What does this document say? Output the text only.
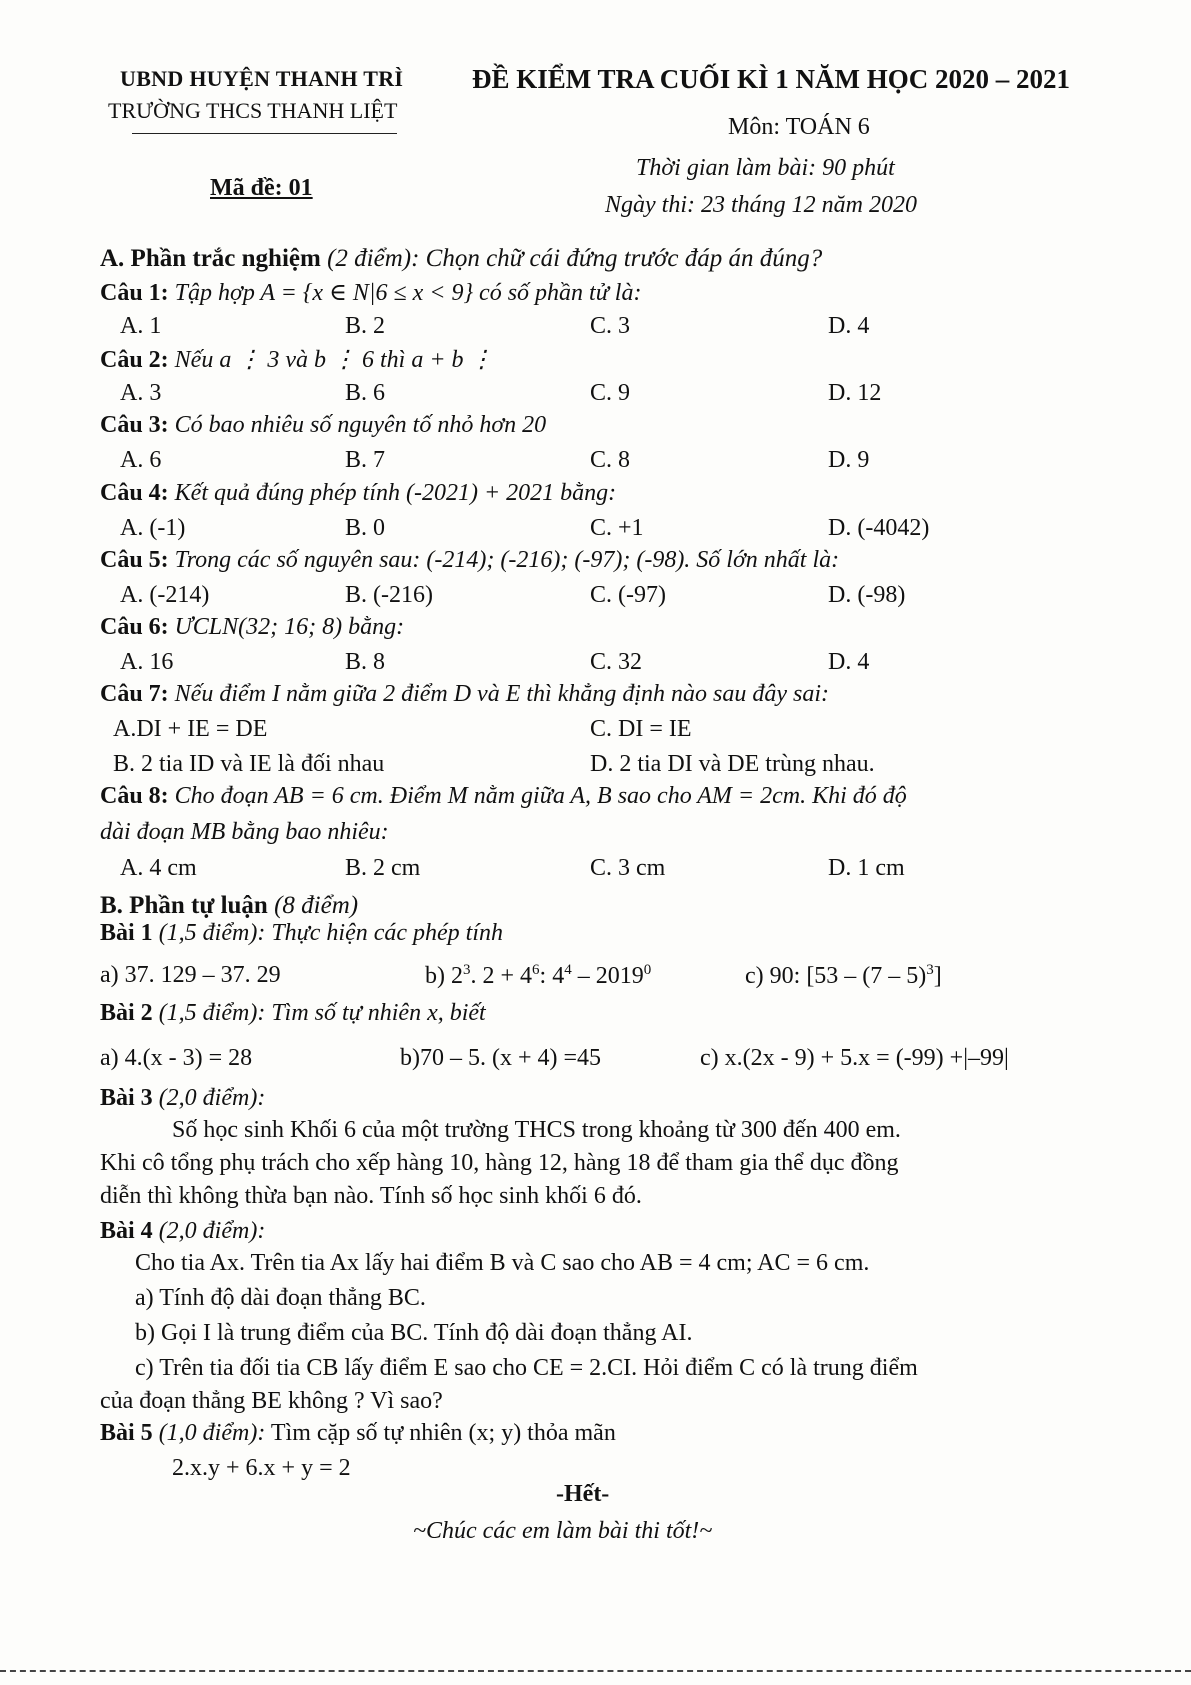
UBND HUYỆN THANH TRÌ
TRƯỜNG THCS THANH LIỆT
ĐỀ KIỂM TRA CUỐI KÌ 1 NĂM HỌC 2020 – 2021
Môn: TOÁN 6
Thời gian làm bài: 90 phút
Ngày thi: 23 tháng 12 năm 2020
Mã đề: 01
A. Phần trắc nghiệm (2 điểm): Chọn chữ cái đứng trước đáp án đúng?
Câu 1: Tập hợp A = {x ∈ N|6 ≤ x < 9} có số phần tử là:
A. 1	B. 2	C. 3	D. 4
Câu 2: Nếu a ⋮ 3 và b ⋮ 6 thì a + b ⋮
A. 3	B. 6	C. 9	D. 12
Câu 3: Có bao nhiêu số nguyên tố nhỏ hơn 20
A. 6	B. 7	C. 8	D. 9
Câu 4: Kết quả đúng phép tính (-2021) + 2021 bằng:
A. (-1)	B. 0	C. +1	D. (-4042)
Câu 5: Trong các số nguyên sau: (-214); (-216); (-97); (-98). Số lớn nhất là:
A. (-214)	B. (-216)	C. (-97)	D. (-98)
Câu 6: ƯCLN(32; 16; 8) bằng:
A. 16	B. 8	C. 32	D. 4
Câu 7: Nếu điểm I nằm giữa 2 điểm D và E thì khẳng định nào sau đây sai:
A.DI + IE = DE	C. DI = IE
B. 2 tia ID và IE là đối nhau	D. 2 tia DI và DE trùng nhau.
Câu 8: Cho đoạn AB = 6 cm. Điểm M nằm giữa A, B sao cho AM = 2cm. Khi đó độ
dài đoạn MB bằng bao nhiêu:
A. 4 cm	B. 2 cm	C. 3 cm	D. 1 cm
B. Phần tự luận (8 điểm)
Bài 1 (1,5 điểm): Thực hiện các phép tính
a) 37. 129 – 37. 29	b) $2^3$. $2 + 4^6$: $4^4 - 2019^0$	c) 90: [53 – (7 – 5)$^3$]
Bài 2 (1,5 điểm): Tìm số tự nhiên x, biết
a) 4.(x - 3) = 28	b)70 – 5. (x + 4) =45	c) x.(2x - 9) + 5.x = (-99) +|–99|
Bài 3 (2,0 điểm):
Số học sinh Khối 6 của một trường THCS trong khoảng từ 300 đến 400 em.
Khi cô tổng phụ trách cho xếp hàng 10, hàng 12, hàng 18 để tham gia thể dục đồng
diễn thì không thừa bạn nào. Tính số học sinh khối 6 đó.
Bài 4 (2,0 điểm):
Cho tia Ax. Trên tia Ax lấy hai điểm B và C sao cho AB = 4 cm; AC = 6 cm.
a) Tính độ dài đoạn thẳng BC.
b) Gọi I là trung điểm của BC. Tính độ dài đoạn thẳng AI.
c) Trên tia đối tia CB lấy điểm E sao cho CE = 2.CI. Hỏi điểm C có là trung điểm
của đoạn thẳng BE không ? Vì sao?
Bài 5 (1,0 điểm): Tìm cặp số tự nhiên (x; y) thỏa mãn
2.x.y + 6.x + y = 2
-Hết-
~Chúc các em làm bài thi tốt!~
